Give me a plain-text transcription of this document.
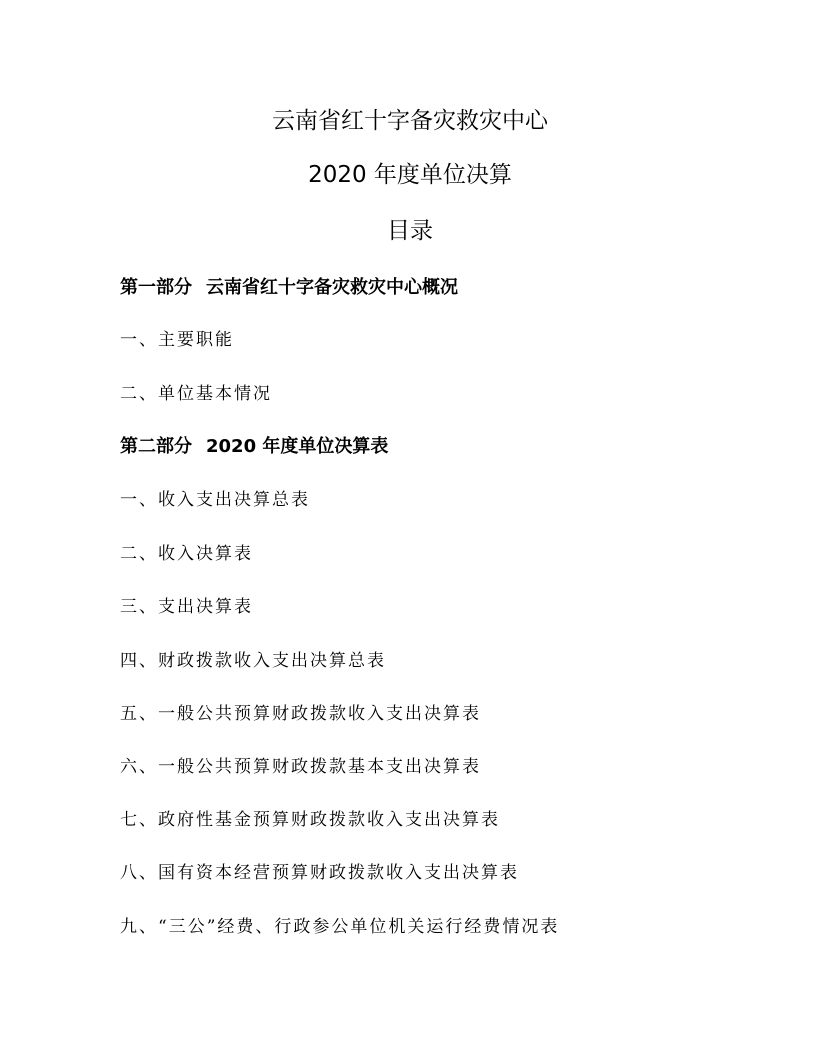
云南省红十字备灾救灾中心
2020 年度单位决算
目录
第一部分 云南省红十字备灾救灾中心概况
一、主要职能
二、单位基本情况
第二部分 2020 年度单位决算表
一、收入支出决算总表
二、收入决算表
三、支出决算表
四、财政拨款收入支出决算总表
五、一般公共预算财政拨款收入支出决算表
六、一般公共预算财政拨款基本支出决算表
七、政府性基金预算财政拨款收入支出决算表
八、国有资本经营预算财政拨款收入支出决算表
九、“三公”经费、行政参公单位机关运行经费情况表
